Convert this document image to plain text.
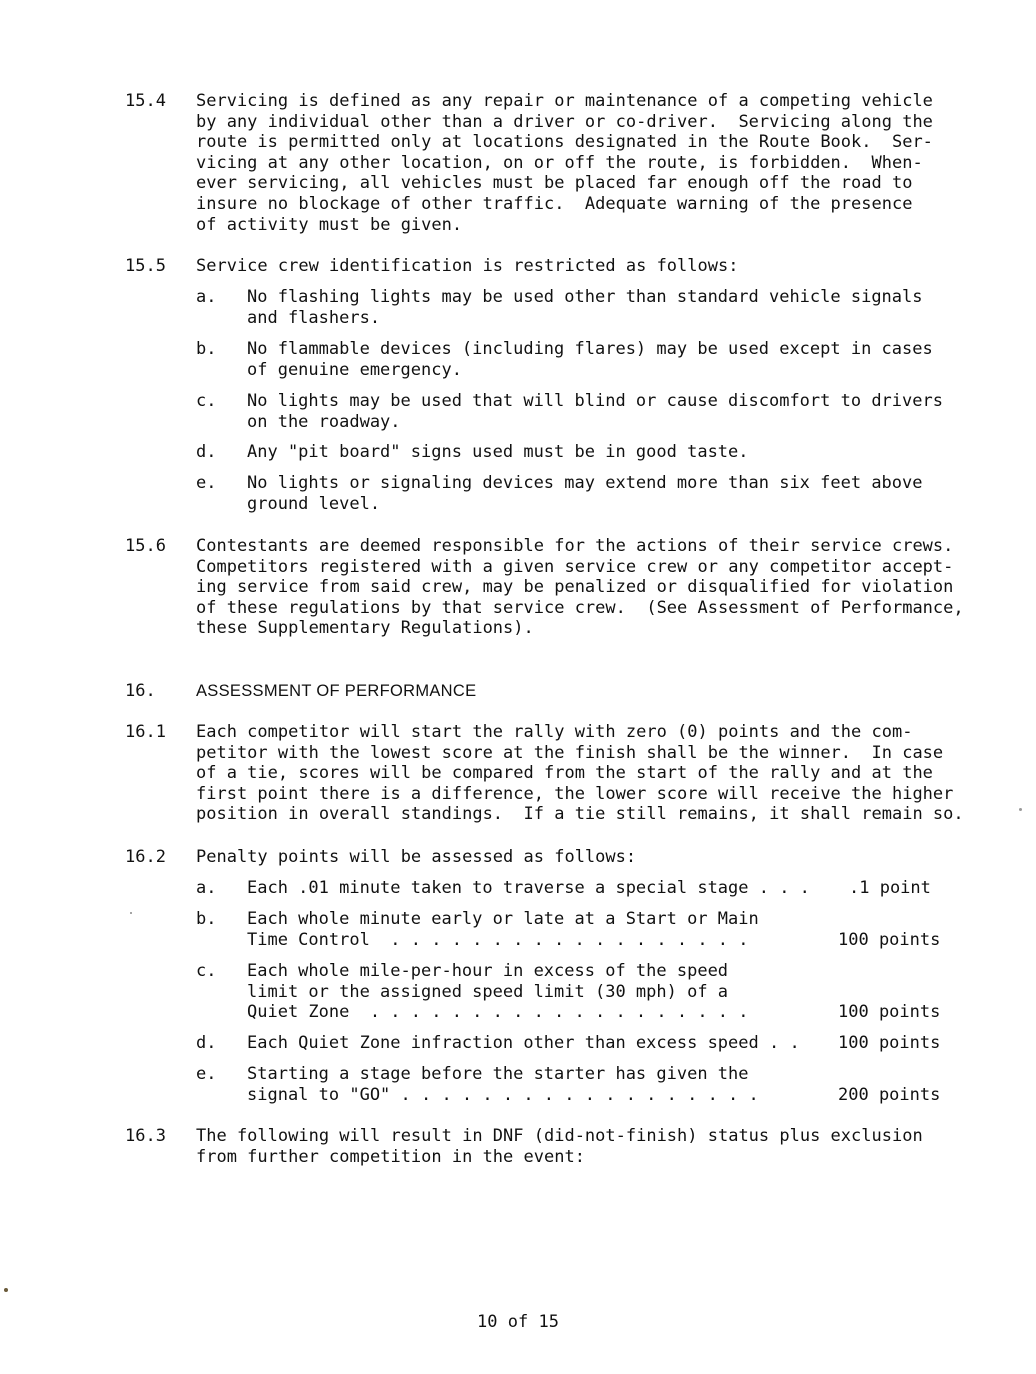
15.4 Servicing is defined as any repair or maintenance of a competing vehicle
by any individual other than a driver or co-driver.  Servicing along the
route is permitted only at locations designated in the Route Book.  Ser-
vicing at any other location, on or off the route, is forbidden.  When-
ever servicing, all vehicles must be placed far enough off the road to
insure no blockage of other traffic.  Adequate warning of the presence
of activity must be given.
15.5 Service crew identification is restricted as follows:
a. No flashing lights may be used other than standard vehicle signals
and flashers.
b. No flammable devices (including flares) may be used except in cases
of genuine emergency.
c. No lights may be used that will blind or cause discomfort to drivers
on the roadway.
d. Any "pit board" signs used must be in good taste.
e. No lights or signaling devices may extend more than six feet above
ground level.
15.6 Contestants are deemed responsible for the actions of their service crews.
Competitors registered with a given service crew or any competitor accept-
ing service from said crew, may be penalized or disqualified for violation
of these regulations by that service crew.  (See Assessment of Performance,
these Supplementary Regulations).
16. ASSESSMENT OF PERFORMANCE
16.1 Each competitor will start the rally with zero (0) points and the com-
petitor with the lowest score at the finish shall be the winner.  In case
of a tie, scores will be compared from the start of the rally and at the
first point there is a difference, the lower score will receive the higher
position in overall standings.  If a tie still remains, it shall remain so.
16.2 Penalty points will be assessed as follows:
a. Each .01 minute taken to traverse a special stage . . .	.1 point
b. Each whole minute early or late at a Start or Main
Time Control  . . . . . . . . . . . . . . . . . .	100 points
c. Each whole mile-per-hour in excess of the speed
limit or the assigned speed limit (30 mph) of a
Quiet Zone  . . . . . . . . . . . . . . . . . . .	100 points
d. Each Quiet Zone infraction other than excess speed . .	100 points
e. Starting a stage before the starter has given the
signal to "GO" . . . . . . . . . . . . . . . . . .	200 points
16.3 The following will result in DNF (did-not-finish) status plus exclusion
from further competition in the event:
10 of 15
